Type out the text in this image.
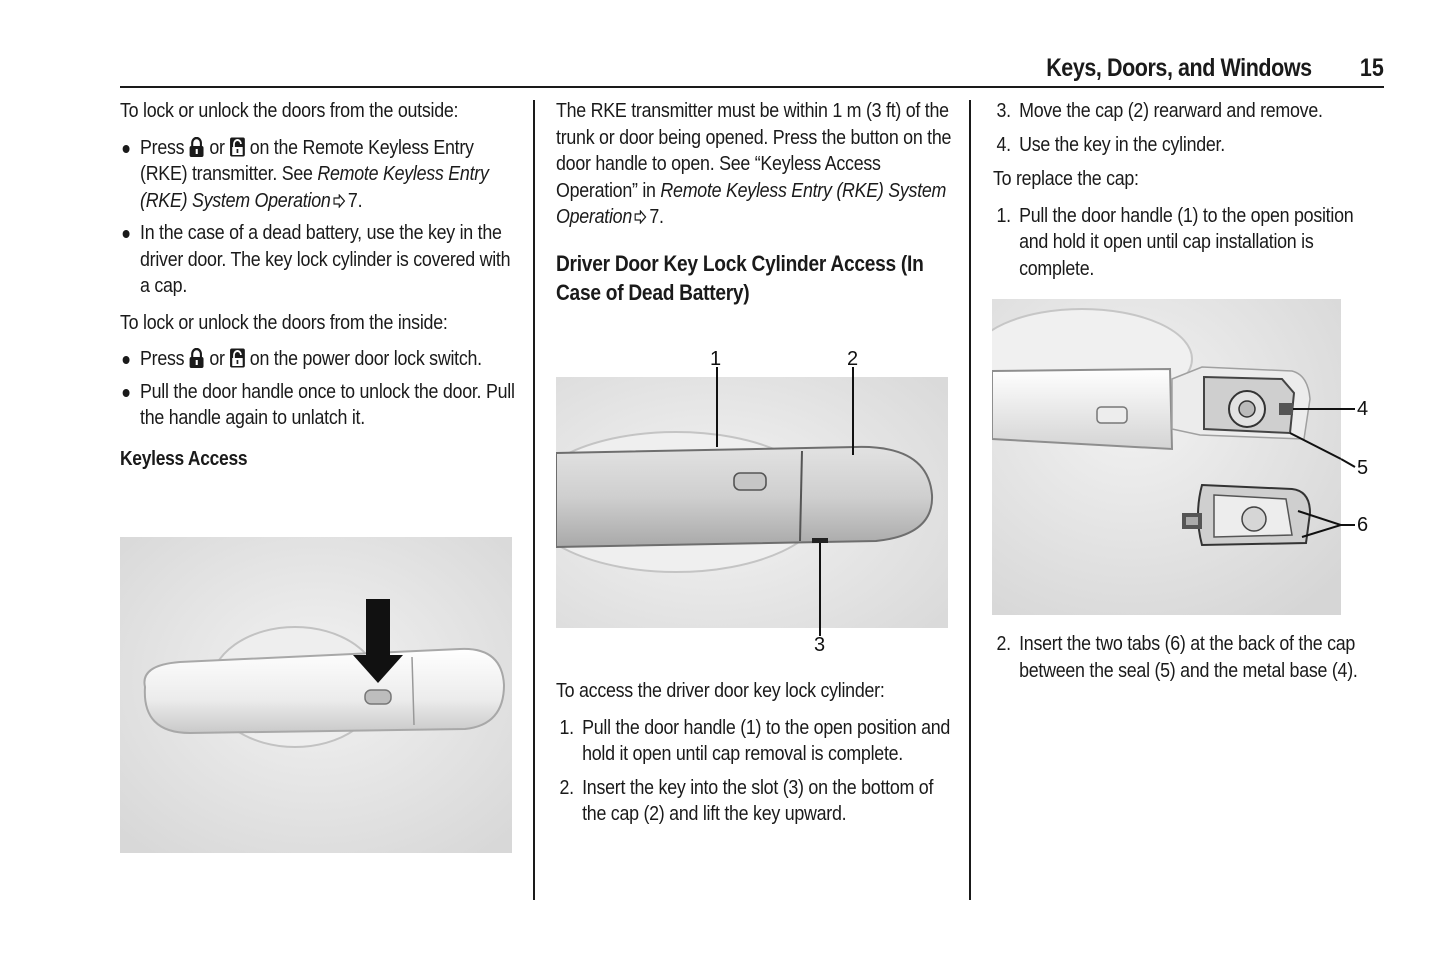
Keys, Doors, and Windows 15

To lock or unlock the doors from the outside:

Press or on the Remote Keyless Entry (RKE) transmitter. See Remote Keyless Entry (RKE) System Operation 7.
In the case of a dead battery, use the key in the driver door. The key lock cylinder is covered with a cap.

To lock or unlock the doors from the inside:

Press or on the power door lock switch.
Pull the door handle once to unlock the door. Pull the handle again to unlatch it.
Keyless Access

The RKE transmitter must be within 1 m (3 ft) of the trunk or door being opened. Press the button on the door handle to open. See “Keyless Access Operation” in Remote Keyless Entry (RKE) System Operation 7.

Driver Door Key Lock Cylinder Access (In Case of Dead Battery)
1	2
3

To access the driver door key lock cylinder:

1. Pull the door handle (1) to the open position and hold it open until cap removal is complete.
2. Insert the key into the slot (3) on the bottom of the cap (2) and lift the key upward.
3. Move the cap (2) rearward and remove.
4. Use the key in the cylinder.

To replace the cap:

1. Pull the door handle (1) to the open position and hold it open until cap installation is complete.
4
5
6
2. Insert the two tabs (6) at the back of the cap between the seal (5) and the metal base (4).
